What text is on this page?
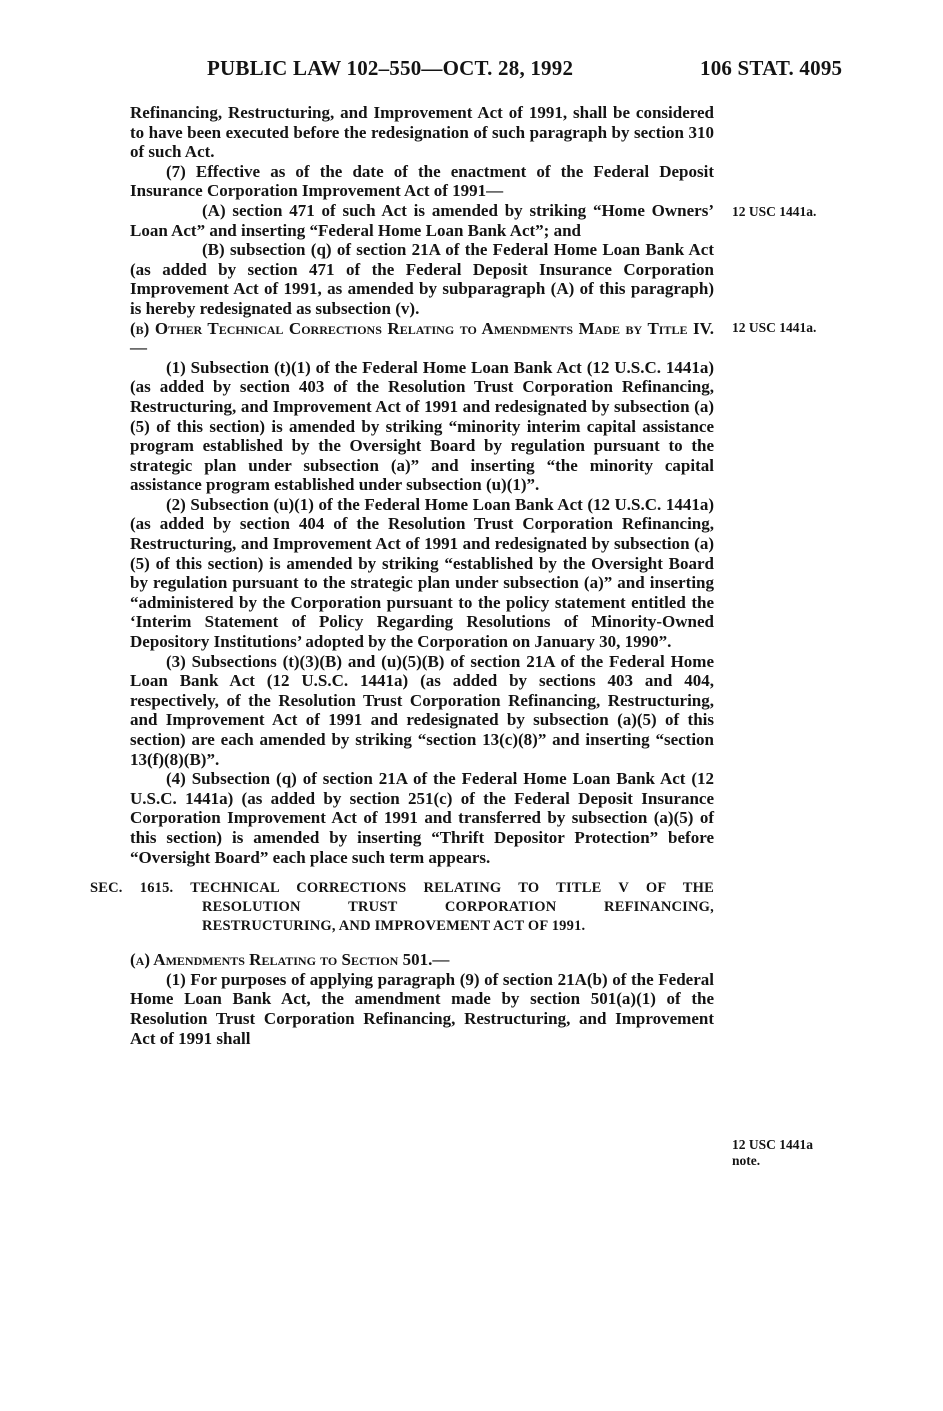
PUBLIC LAW 102–550—OCT. 28, 1992	106 STAT. 4095

Refinancing, Restructuring, and Improvement Act of 1991, shall be considered to have been executed before the redesignation of such paragraph by section 310 of such Act.

(7) Effective as of the date of the enactment of the Federal Deposit Insurance Corporation Improvement Act of 1991—

(A) section 471 of such Act is amended by striking “Home Owners’ Loan Act” and inserting “Federal Home Loan Bank Act”; and

(B) subsection (q) of section 21A of the Federal Home Loan Bank Act (as added by section 471 of the Federal Deposit Insurance Corporation Improvement Act of 1991, as amended by subparagraph (A) of this paragraph) is hereby redesignated as subsection (v).

(b) Other Technical Corrections Relating to Amendments Made by Title IV.—

(1) Subsection (t)(1) of the Federal Home Loan Bank Act (12 U.S.C. 1441a) (as added by section 403 of the Resolution Trust Corporation Refinancing, Restructuring, and Improvement Act of 1991 and redesignated by subsection (a)(5) of this section) is amended by striking “minority interim capital assistance program established by the Oversight Board by regulation pursuant to the strategic plan under subsection (a)” and inserting “the minority capital assistance program established under subsection (u)(1)”.

(2) Subsection (u)(1) of the Federal Home Loan Bank Act (12 U.S.C. 1441a) (as added by section 404 of the Resolution Trust Corporation Refinancing, Restructuring, and Improvement Act of 1991 and redesignated by subsection (a)(5) of this section) is amended by striking “established by the Oversight Board by regulation pursuant to the strategic plan under subsection (a)” and inserting “administered by the Corporation pursuant to the policy statement entitled the ‘Interim Statement of Policy Regarding Resolutions of Minority-Owned Depository Institutions’ adopted by the Corporation on January 30, 1990”.

(3) Subsections (t)(3)(B) and (u)(5)(B) of section 21A of the Federal Home Loan Bank Act (12 U.S.C. 1441a) (as added by sections 403 and 404, respectively, of the Resolution Trust Corporation Refinancing, Restructuring, and Improvement Act of 1991 and redesignated by subsection (a)(5) of this section) are each amended by striking “section 13(c)(8)” and inserting “section 13(f)(8)(B)”.

(4) Subsection (q) of section 21A of the Federal Home Loan Bank Act (12 U.S.C. 1441a) (as added by section 251(c) of the Federal Deposit Insurance Corporation Improvement Act of 1991 and transferred by subsection (a)(5) of this section) is amended by inserting “Thrift Depositor Protection” before “Oversight Board” each place such term appears.

SEC. 1615. TECHNICAL CORRECTIONS RELATING TO TITLE V OF THE
RESOLUTION TRUST CORPORATION REFINANCING,
RESTRUCTURING, AND IMPROVEMENT ACT OF 1991.

(a) Amendments Relating to Section 501.—

(1) For purposes of applying paragraph (9) of section 21A(b) of the Federal Home Loan Bank Act, the amendment made by section 501(a)(1) of the Resolution Trust Corporation Refinancing, Restructuring, and Improvement Act of 1991 shall

12 USC 1441a.
12 USC 1441a.
12 USC 1441a
note.
